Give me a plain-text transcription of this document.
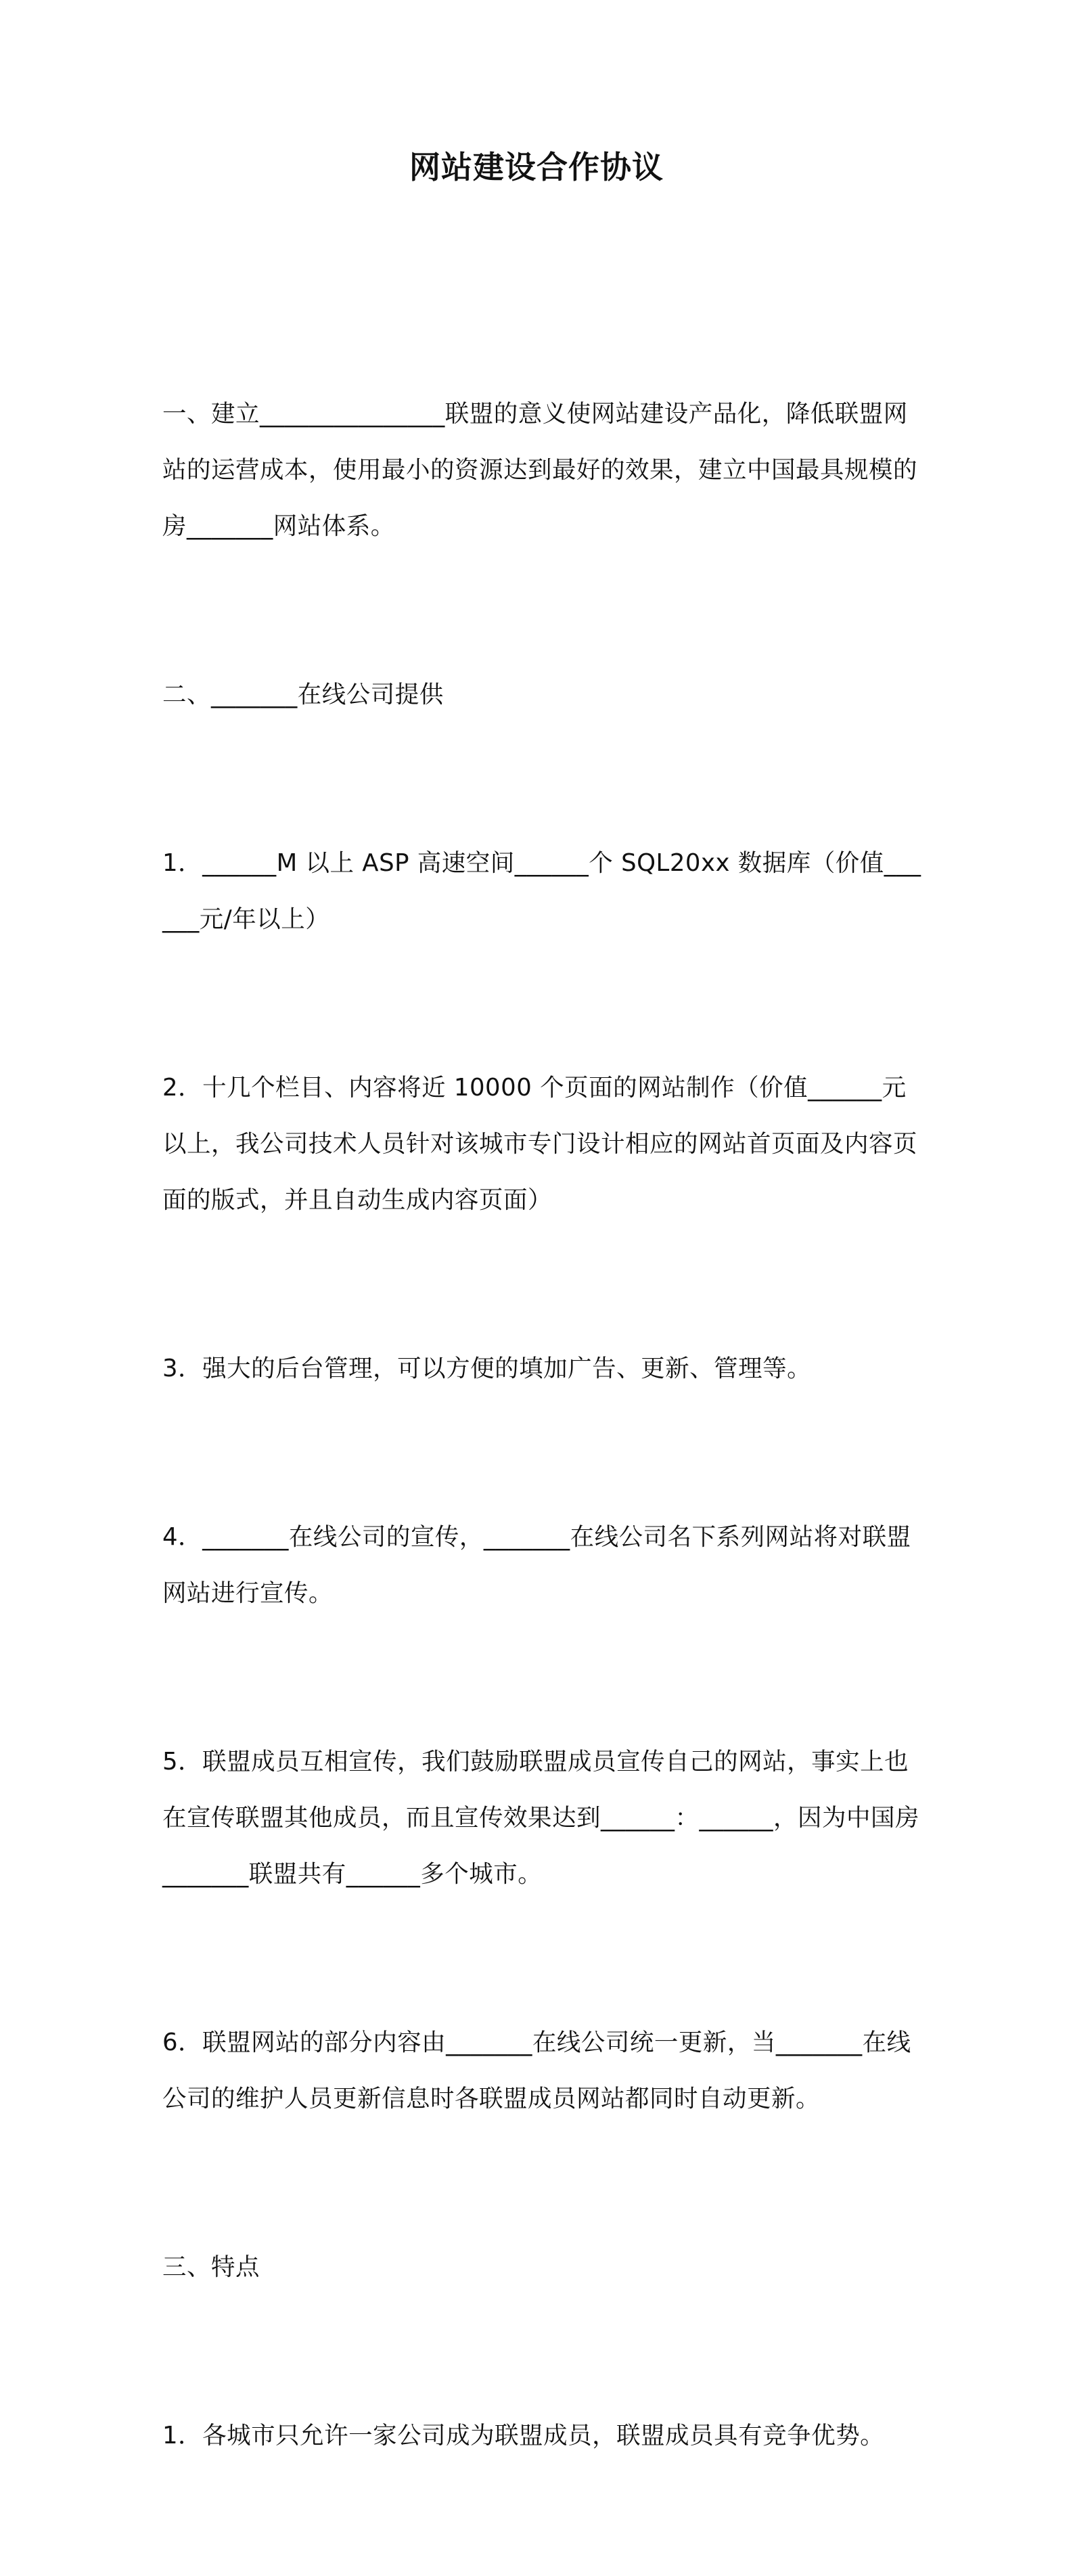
网站建设合作协议

一、建立_______________联盟的意义使网站建设产品化，降低联盟网站的运营成本，使用最小的资源达到最好的效果，建立中国最具规模的房_______网站体系。

二、_______在线公司提供

1．______M 以上 ASP 高速空间______个 SQL20xx 数据库（价值______元/年以上）

2．十几个栏目、内容将近 10000 个页面的网站制作（价值______元以上，我公司技术人员针对该城市专门设计相应的网站首页面及内容页面的版式，并且自动生成内容页面）

3．强大的后台管理，可以方便的填加广告、更新、管理等。

4．_______在线公司的宣传，_______在线公司名下系列网站将对联盟网站进行宣传。

5．联盟成员互相宣传，我们鼓励联盟成员宣传自己的网站，事实上也在宣传联盟其他成员，而且宣传效果达到______：______，因为中国房_______联盟共有______多个城市。

6．联盟网站的部分内容由_______在线公司统一更新，当_______在线公司的维护人员更新信息时各联盟成员网站都同时自动更新。

三、特点

1．各城市只允许一家公司成为联盟成员，联盟成员具有竞争优势。
